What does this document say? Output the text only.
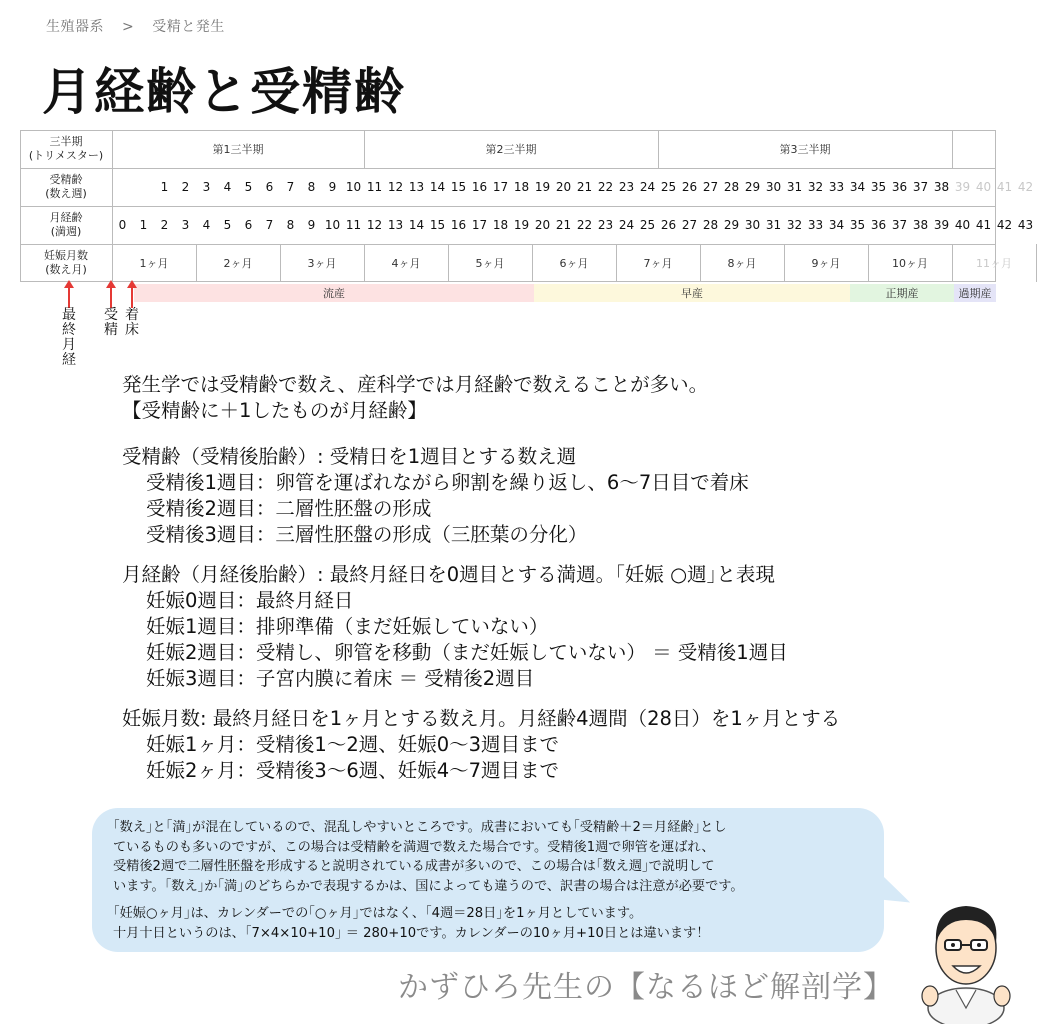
生殖器系 > 受精と発生
月経齢と受精齢
三半期
(トリメスター)	第1三半期	第2三半期	第3三半期
受精齢
(数え週)	1	2	3	4	5	6	7	8	9 10 11 12 13 14 15 16 17 18 19 20 21 22 23 24 25 26 27 28 29 30 31 32 33 34 35 36 37 38 39 40 41 42
月経齢
(満週)	0	1	2	3	4	5	6	7	8	9 10 11 12 13 14 15 16 17 18 19 20 21 22 23 24 25 26 27 28 29 30 31 32 33 34 35 36 37 38 39 40 41 42 43
妊娠月数
(数え月)	1ヶ月	2ヶ月	3ヶ月	4ヶ月	5ヶ月	6ヶ月	7ヶ月	8ヶ月	9ヶ月	10ヶ月	11ヶ月
流産	早産	正期産	過期産
最
終
月
経
受
精
着
床

発生学では受精齢で数え、産科学では月経齢で数えることが多い。

【受精齢に＋1したものが月経齢】

受精齢（受精後胎齢）: 受精日を1週目とする数え週

受精後1週目：卵管を運ばれながら卵割を繰り返し、6〜7日目で着床

受精後2週目：二層性胚盤の形成

受精後3週目：三層性胚盤の形成（三胚葉の分化）

月経齢（月経後胎齢）: 最終月経日を0週目とする満週。｢妊娠 ○週｣と表現

妊娠0週目：最終月経日

妊娠1週目：排卵準備（まだ妊娠していない）

妊娠2週目：受精し、卵管を移動（まだ妊娠していない） ＝ 受精後1週目

妊娠3週目：子宮内膜に着床 ＝ 受精後2週目

妊娠月数: 最終月経日を1ヶ月とする数え月。月経齢4週間（28日）を1ヶ月とする

妊娠1ヶ月：受精後1〜2週、妊娠0〜3週目まで

妊娠2ヶ月：受精後3〜6週、妊娠4〜7週目まで

｢数え｣と｢満｣が混在しているので、混乱しやすいところです。成書においても｢受精齢＋2＝月経齢｣とし

ているものも多いのですが、この場合は受精齢を満週で数えた場合です。受精後1週で卵管を運ばれ、

受精後2週で二層性胚盤を形成すると説明されている成書が多いので、この場合は｢数え週｣で説明して

います。｢数え｣か｢満｣のどちらかで表現するかは、国によっても違うので、訳書の場合は注意が必要です。

｢妊娠○ヶ月｣は、カレンダーでの｢○ヶ月｣ではなく、｢4週＝28日｣を1ヶ月としています。

十月十日というのは、｢7×4×10+10｣ ＝ 280+10です。カレンダーの10ヶ月+10日とは違います！

かずひろ先生の【なるほど解剖学】
